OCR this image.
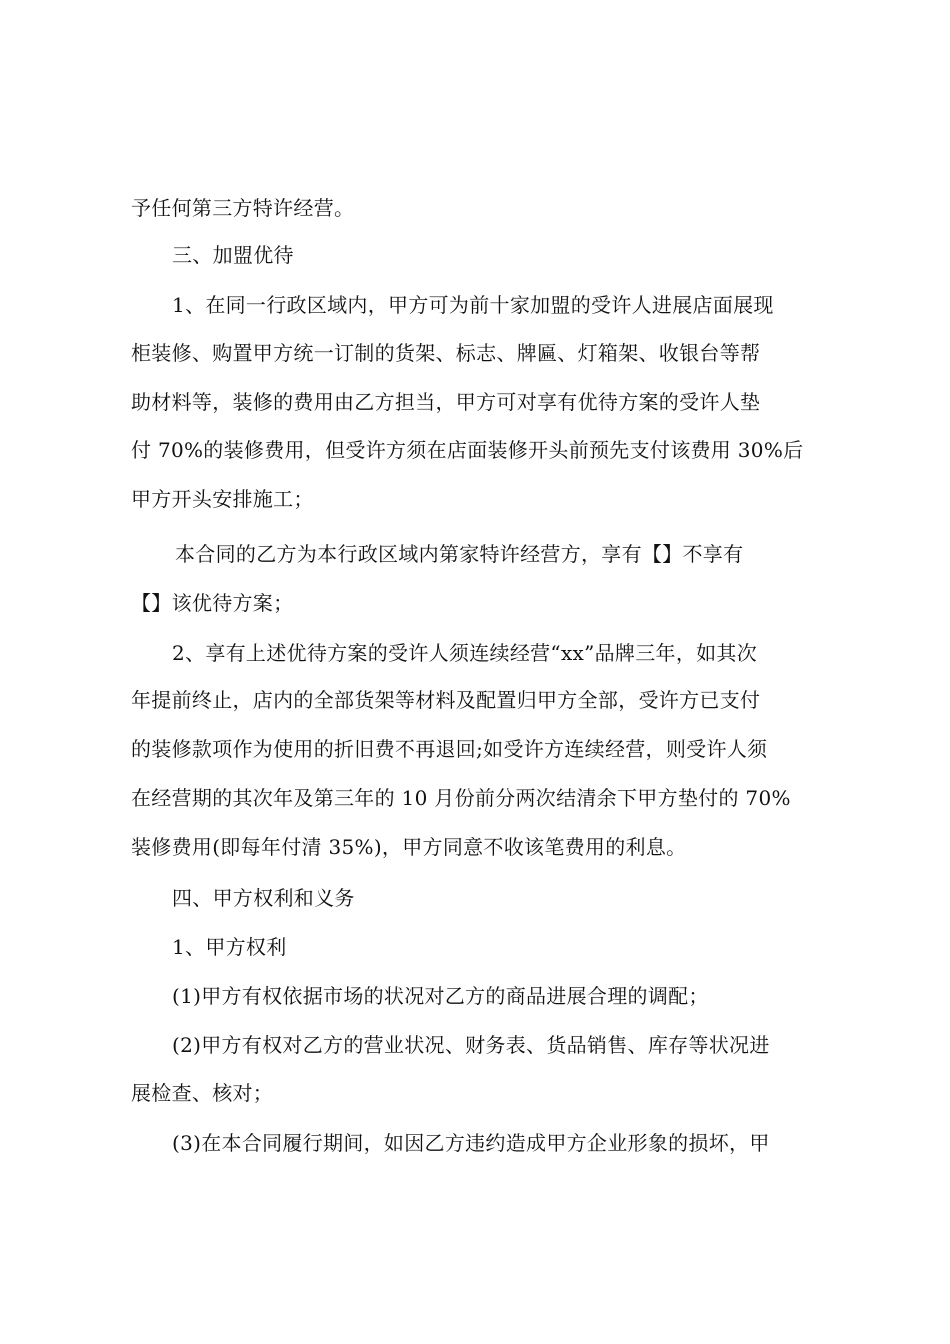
予任何第三方特许经营。
三、加盟优待
1、在同一行政区域内，甲方可为前十家加盟的受许人进展店面展现
柜装修、购置甲方统一订制的货架、标志、牌匾、灯箱架、收银台等帮
助材料等，装修的费用由乙方担当，甲方可对享有优待方案的受许人垫
付 70%的装修费用，但受许方须在店面装修开头前预先支付该费用 30%后
甲方开头安排施工；
本合同的乙方为本行政区域内第家特许经营方，享有【】不享有
【】该优待方案；
2、享有上述优待方案的受许人须连续经营“xx”品牌三年，如其次
年提前终止，店内的全部货架等材料及配置归甲方全部，受许方已支付
的装修款项作为使用的折旧费不再退回;如受许方连续经营，则受许人须
在经营期的其次年及第三年的 10 月份前分两次结清余下甲方垫付的 70%
装修费用(即每年付清 35%)，甲方同意不收该笔费用的利息。
四、甲方权利和义务
1、甲方权利
(1)甲方有权依据市场的状况对乙方的商品进展合理的调配；
(2)甲方有权对乙方的营业状况、财务表、货品销售、库存等状况进
展检查、核对；
(3)在本合同履行期间，如因乙方违约造成甲方企业形象的损坏，甲
